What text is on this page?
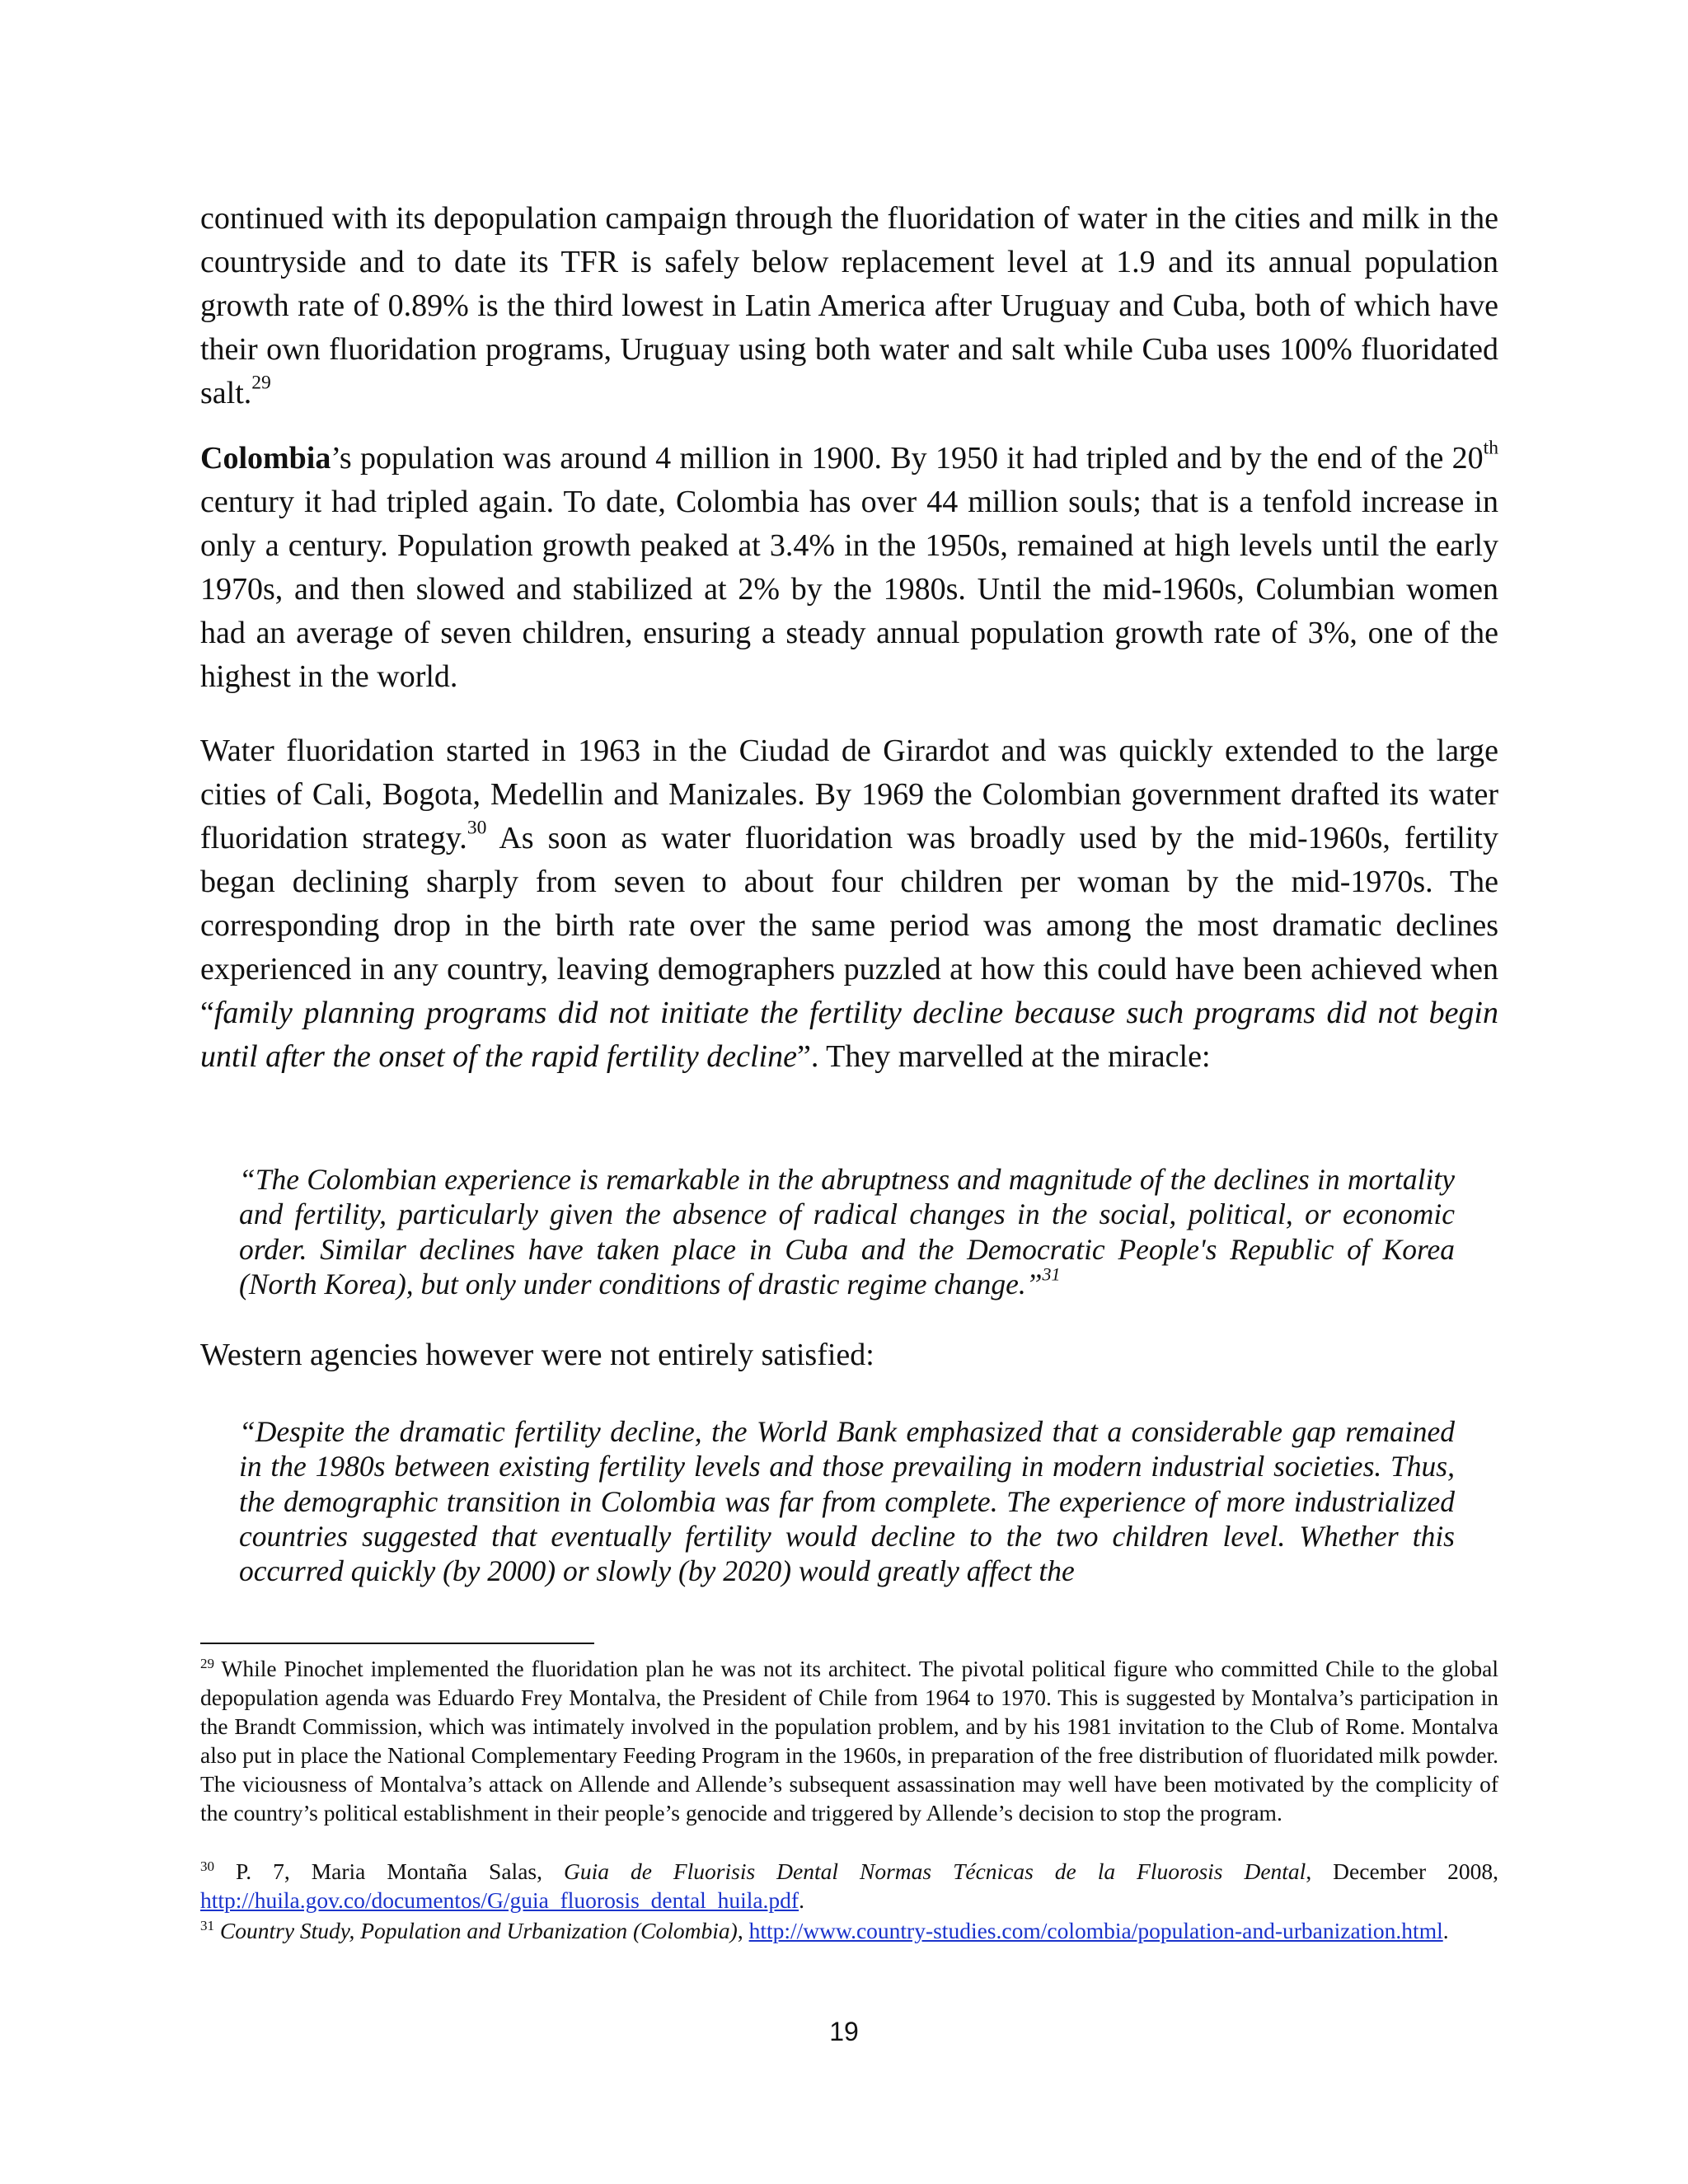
continued with its depopulation campaign through the fluoridation of water in the cities and milk in the countryside and to date its TFR is safely below replacement level at 1.9 and its annual population growth rate of 0.89% is the third lowest in Latin America after Uruguay and Cuba, both of which have their own fluoridation programs, Uruguay using both water and salt while Cuba uses 100% fluoridated salt.$^{29}$

Colombia’s population was around 4 million in 1900. By 1950 it had tripled and by the end of the 20th century it had tripled again. To date, Colombia has over 44 million souls; that is a tenfold increase in only a century. Population growth peaked at 3.4% in the 1950s, remained at high levels until the early 1970s, and then slowed and stabilized at 2% by the 1980s. Until the mid-1960s, Columbian women had an average of seven children, ensuring a steady annual population growth rate of 3%, one of the highest in the world.

Water fluoridation started in 1963 in the Ciudad de Girardot and was quickly extended to the large cities of Cali, Bogota, Medellin and Manizales. By 1969 the Colombian government drafted its water fluoridation strategy.$^{30}$ As soon as water fluoridation was broadly used by the mid-1960s, fertility began declining sharply from seven to about four children per woman by the mid-1970s. The corresponding drop in the birth rate over the same period was among the most dramatic declines experienced in any country, leaving demographers puzzled at how this could have been achieved when “family planning programs did not initiate the fertility decline because such programs did not begin until after the onset of the rapid fertility decline”. They marvelled at the miracle:

“The Colombian experience is remarkable in the abruptness and magnitude of the declines in mortality and fertility, particularly given the absence of radical changes in the social, political, or economic order. Similar declines have taken place in Cuba and the Democratic People's Republic of Korea (North Korea), but only under conditions of drastic regime change.”$^{31}$

Western agencies however were not entirely satisfied:

“Despite the dramatic fertility decline, the World Bank emphasized that a considerable gap remained in the 1980s between existing fertility levels and those prevailing in modern industrial societies. Thus, the demographic transition in Colombia was far from complete. The experience of more industrialized countries suggested that eventually fertility would decline to the two children level. Whether this occurred quickly (by 2000) or slowly (by 2020) would greatly affect the

$^{29}$ While Pinochet implemented the fluoridation plan he was not its architect. The pivotal political figure who committed Chile to the global depopulation agenda was Eduardo Frey Montalva, the President of Chile from 1964 to 1970. This is suggested by Montalva’s participation in the Brandt Commission, which was intimately involved in the population problem, and by his 1981 invitation to the Club of Rome. Montalva also put in place the National Complementary Feeding Program in the 1960s, in preparation of the free distribution of fluoridated milk powder. The viciousness of Montalva’s attack on Allende and Allende’s subsequent assassination may well have been motivated by the complicity of the country’s political establishment in their people’s genocide and triggered by Allende’s decision to stop the program.

$^{30}$ P. 7, Maria Montaña Salas, Guia de Fluorisis Dental Normas Técnicas de la Fluorosis Dental, December 2008, http://huila.gov.co/documentos/G/guia_fluorosis_dental_huila.pdf.

$^{31}$ Country Study, Population and Urbanization (Colombia), http://www.country-studies.com/colombia/population-and-urbanization.html.

19
